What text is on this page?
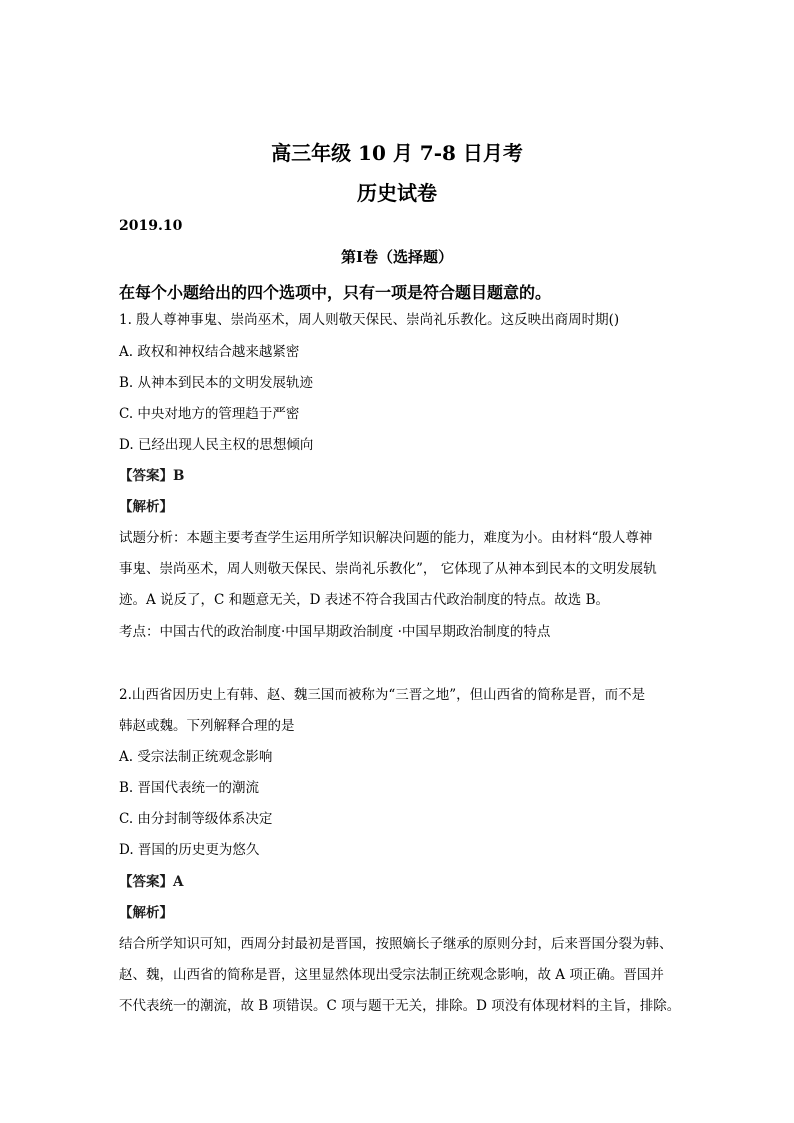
高三年级 10 月 7-8 日月考
历史试卷
2019.10
第Ⅰ卷（选择题）
在每个小题给出的四个选项中，只有一项是符合题目题意的。
1. 殷人尊神事鬼、崇尚巫术，周人则敬天保民、崇尚礼乐教化。这反映出商周时期()
A. 政权和神权结合越来越紧密
B. 从神本到民本的文明发展轨迹
C. 中央对地方的管理趋于严密
D. 已经出现人民主权的思想倾向
【答案】B
【解析】
试题分析：本题主要考查学生运用所学知识解决问题的能力，难度为小。由材料“殷人尊神
事鬼、崇尚巫术，周人则敬天保民、崇尚礼乐教化”， 它体现了从神本到民本的文明发展轨
迹。A 说反了，C 和题意无关，D 表述不符合我国古代政治制度的特点。故选 B。
考点：中国古代的政治制度·中国早期政治制度 ·中国早期政治制度的特点
2.山西省因历史上有韩、赵、魏三国而被称为“三晋之地”，但山西省的简称是晋，而不是
韩赵或魏。下列解释合理的是
A. 受宗法制正统观念影响
B. 晋国代表统一的潮流
C. 由分封制等级体系决定
D. 晋国的历史更为悠久
【答案】A
【解析】
结合所学知识可知，西周分封最初是晋国，按照嫡长子继承的原则分封，后来晋国分裂为韩、
赵、魏，山西省的简称是晋，这里显然体现出受宗法制正统观念影响，故 A 项正确。晋国并
不代表统一的潮流，故 B 项错误。C 项与题干无关，排除。D 项没有体现材料的主旨，排除。
